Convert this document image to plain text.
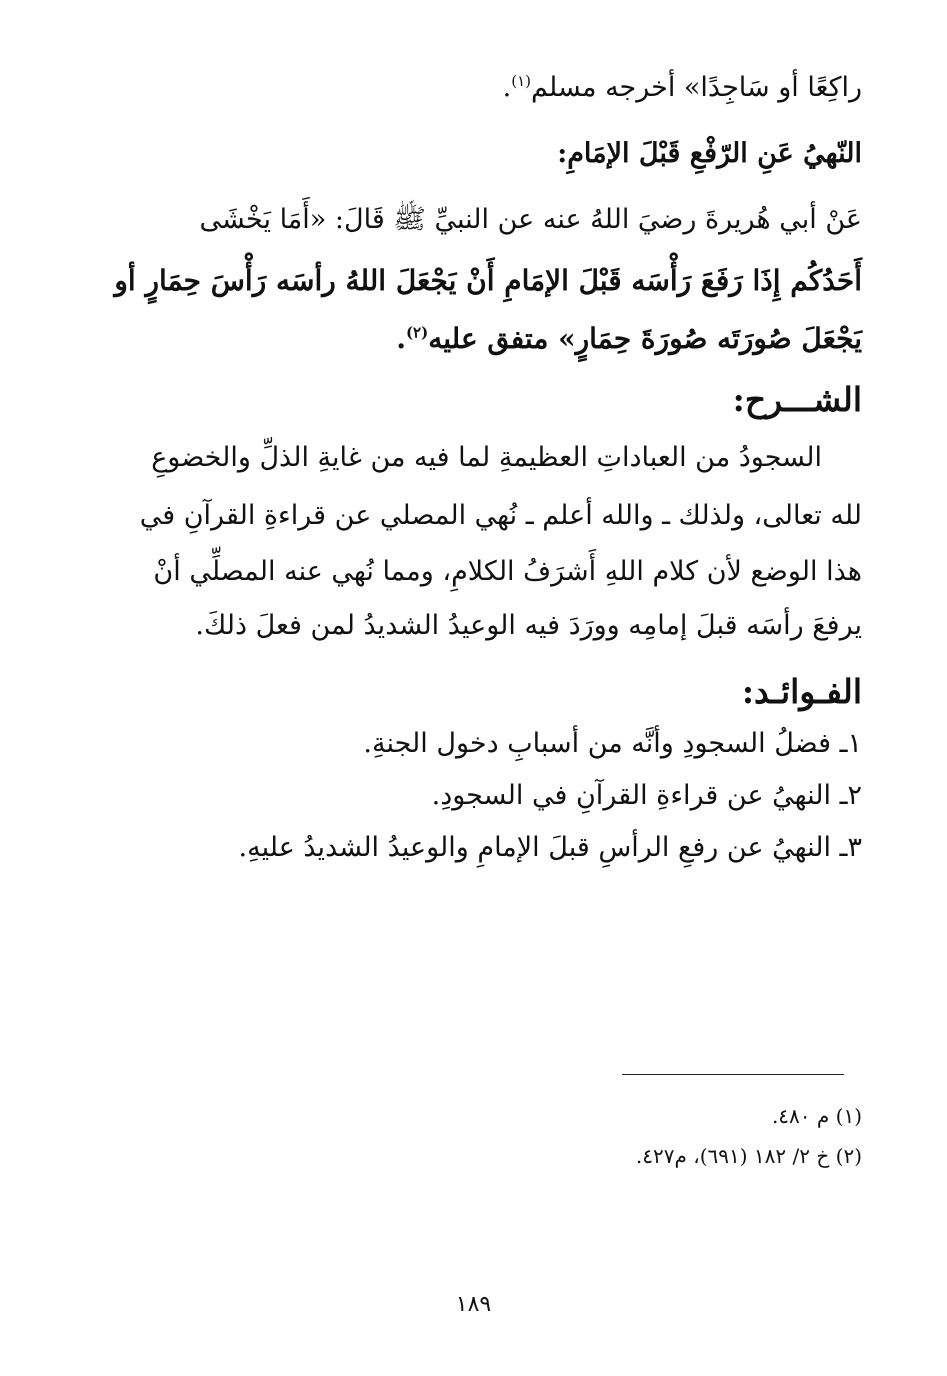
راكِعًا أو سَاجِدًا» أخرجه مسلم$^{(١)}$.
النّهيُ عَنِ الرّفْعِ قَبْلَ الإمَامِ:
عَنْ أبي هُريرةَ رضيَ اللهُ عنه عن النبيِّ ﷺ قَالَ: «أَمَا يَخْشَى
أَحَدُكُم إِذَا رَفَعَ رَأْسَه قَبْلَ الإمَامِ أَنْ يَجْعَلَ اللهُ رأسَه رَأْسَ حِمَارٍ أو
يَجْعَلَ صُورَتَه صُورَةَ حِمَارٍ» متفق عليه$^{(٢)}$.
الشـــرح:
السجودُ من العباداتِ العظيمةِ لما فيه من غايةِ الذلِّ والخضوعِ
لله تعالى، ولذلك ـ والله أعلم ـ نُهي المصلي عن قراءةِ القرآنِ في
هذا الوضع لأن كلام اللهِ أَشرَفُ الكلامِ، ومما نُهي عنه المصلِّي أنْ
يرفعَ رأسَه قبلَ إمامِه وورَدَ فيه الوعيدُ الشديدُ لمن فعلَ ذلكَ.
الفـوائـد:
١ـ فضلُ السجودِ وأنَّه من أسبابِ دخول الجنةِ.
٢ـ النهيُ عن قراءةِ القرآنِ في السجودِ.
٣ـ النهيُ عن رفعِ الرأسِ قبلَ الإمامِ والوعيدُ الشديدُ عليهِ.
(١) م ٤٨٠.
(٢) خ ٢/ ١٨٢ (٦٩١)، م٤٢٧.
١٨٩
